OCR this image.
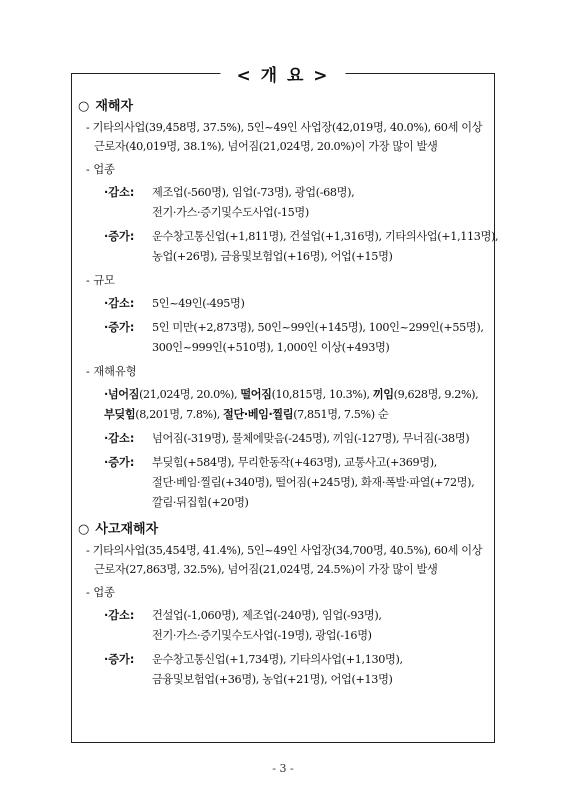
< 개 요 >
○ 재해자
- 기타의사업(39,458명, 37.5%), 5인~49인 사업장(42,019명, 40.0%), 60세 이상
근로자(40,019명, 38.1%), 넘어짐(21,024명, 20.0%)이 가장 많이 발생
- 업종
·감소:	제조업(-560명), 임업(-73명), 광업(-68명),
전기·가스·증기및수도사업(-15명)
·증가:	운수창고통신업(+1,811명), 건설업(+1,316명), 기타의사업(+1,113명),
농업(+26명), 금융및보험업(+16명), 어업(+15명)
- 규모
·감소:	5인~49인(-495명)
·증가:	5인 미만(+2,873명), 50인~99인(+145명), 100인~299인(+55명),
300인~999인(+510명), 1,000인 이상(+493명)
- 재해유형
·넘어짐(21,024명, 20.0%), 떨어짐(10,815명, 10.3%), 끼임(9,628명, 9.2%),
부딪힘(8,201명, 7.8%), 절단·베임·찔림(7,851명, 7.5%) 순
·감소:	넘어짐(-319명), 물체에맞음(-245명), 끼임(-127명), 무너짐(-38명)
·증가:	부딪힘(+584명), 무리한동작(+463명), 교통사고(+369명),
절단·베임·찔림(+340명), 떨어짐(+245명), 화재·폭발·파열(+72명),
깔림·뒤집힘(+20명)
○ 사고재해자
- 기타의사업(35,454명, 41.4%), 5인~49인 사업장(34,700명, 40.5%), 60세 이상
근로자(27,863명, 32.5%), 넘어짐(21,024명, 24.5%)이 가장 많이 발생
- 업종
·감소:	건설업(-1,060명), 제조업(-240명), 임업(-93명),
전기·가스·증기및수도사업(-19명), 광업(-16명)
·증가:	운수창고통신업(+1,734명), 기타의사업(+1,130명),
금융및보험업(+36명), 농업(+21명), 어업(+13명)
- 3 -
